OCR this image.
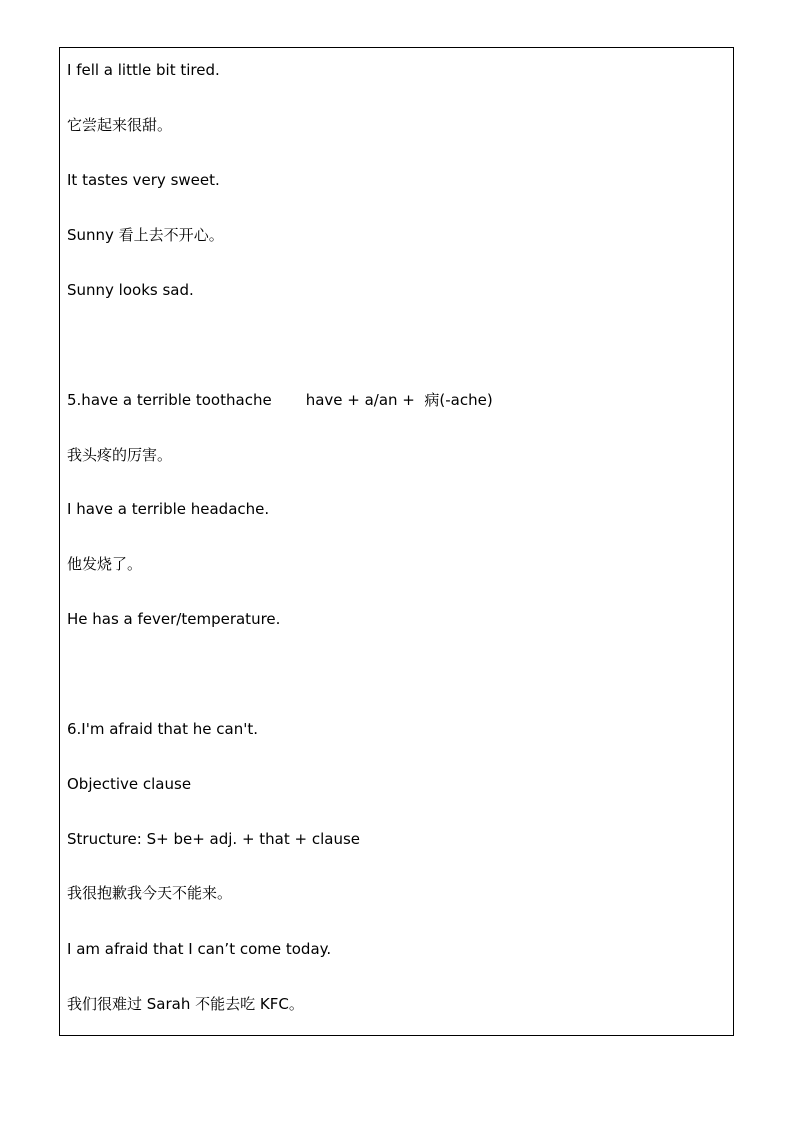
I fell a little bit tired.

它尝起来很甜。

It tastes very sweet.

Sunny 看上去不开心。

Sunny looks sad.

5.have a terrible toothache have + a/an +  病(-ache)

我头疼的厉害。

I have a terrible headache.

他发烧了。

He has a fever/temperature.

6.I'm afraid that he can't.

Objective clause

Structure: S+ be+ adj. + that + clause

我很抱歉我今天不能来。

I am afraid that I can’t come today.

我们很难过 Sarah 不能去吃 KFC。
